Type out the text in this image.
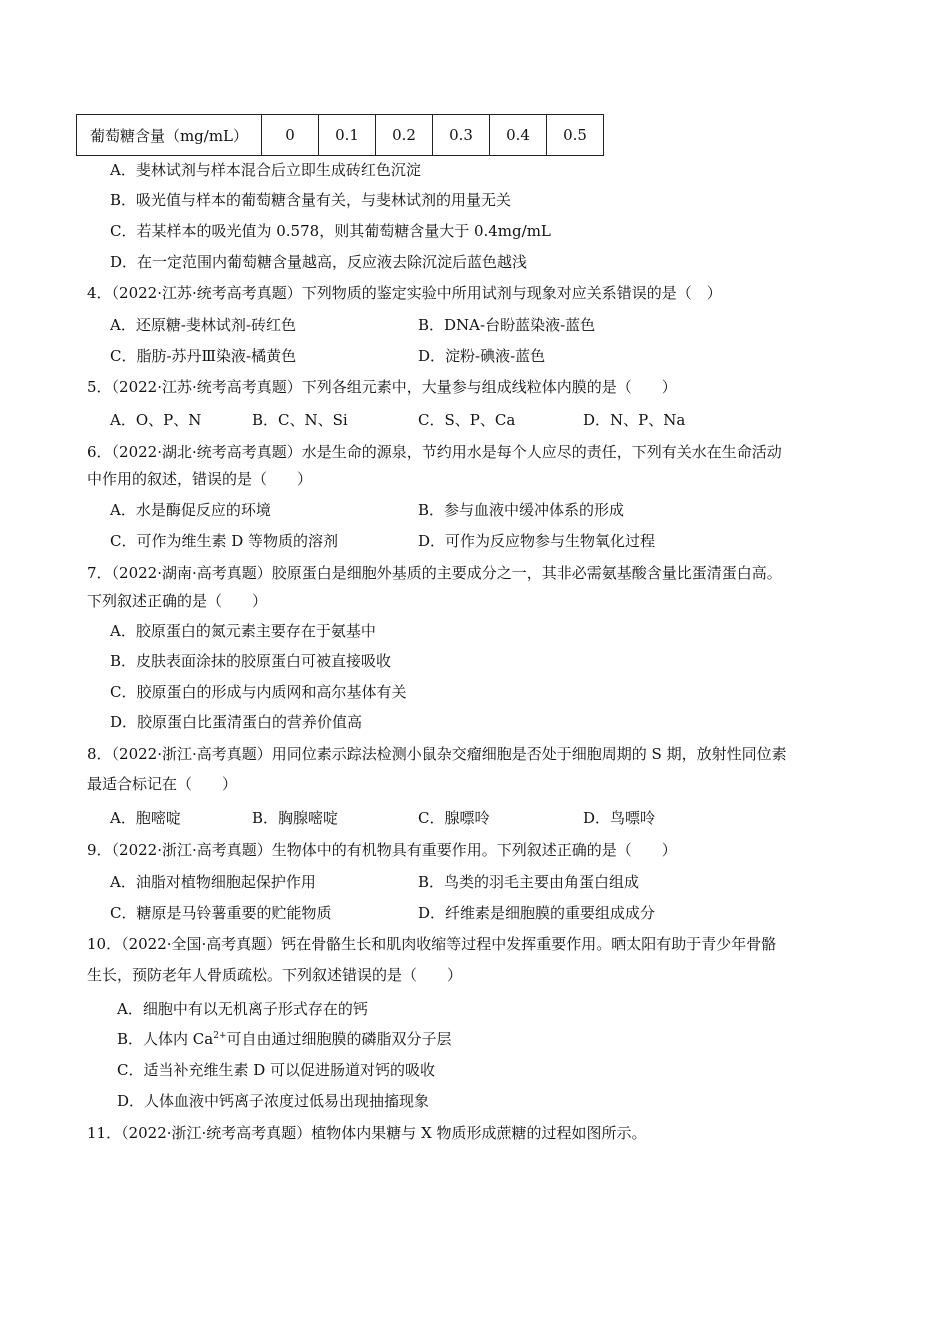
葡萄糖含量（mg/mL）	0	0.1	0.2	0.3	0.4	0.5
A．斐林试剂与样本混合后立即生成砖红色沉淀
B．吸光值与样本的葡萄糖含量有关，与斐林试剂的用量无关
C．若某样本的吸光值为 0.578，则其葡萄糖含量大于 0.4mg/mL
D．在一定范围内葡萄糖含量越高，反应液去除沉淀后蓝色越浅
4．（2022·江苏·统考高考真题）下列物质的鉴定实验中所用试剂与现象对应关系错误的是（　）
A．还原糖-斐林试剂-砖红色	B．DNA-台盼蓝染液-蓝色
C．脂肪-苏丹Ⅲ染液-橘黄色	D．淀粉-碘液-蓝色
5．（2022·江苏·统考高考真题）下列各组元素中，大量参与组成线粒体内膜的是（　　）
A．O、P、N	B．C、N、Si	C．S、P、Ca	D．N、P、Na
6．（2022·湖北·统考高考真题）水是生命的源泉，节约用水是每个人应尽的责任，下列有关水在生命活动
中作用的叙述，错误的是（　　）
A．水是酶促反应的环境	B．参与血液中缓冲体系的形成
C．可作为维生素 D 等物质的溶剂	D．可作为反应物参与生物氧化过程
7．（2022·湖南·高考真题）胶原蛋白是细胞外基质的主要成分之一，其非必需氨基酸含量比蛋清蛋白高。
下列叙述正确的是（　　）
A．胶原蛋白的氮元素主要存在于氨基中
B．皮肤表面涂抹的胶原蛋白可被直接吸收
C．胶原蛋白的形成与内质网和高尔基体有关
D．胶原蛋白比蛋清蛋白的营养价值高
8．（2022·浙江·高考真题）用同位素示踪法检测小鼠杂交瘤细胞是否处于细胞周期的 S 期，放射性同位素
最适合标记在（　　）
A．胞嘧啶	B．胸腺嘧啶	C．腺嘌呤	D．鸟嘌呤
9．（2022·浙江·高考真题）生物体中的有机物具有重要作用。下列叙述正确的是（　　）
A．油脂对植物细胞起保护作用	B．鸟类的羽毛主要由角蛋白组成
C．糖原是马铃薯重要的贮能物质	D．纤维素是细胞膜的重要组成成分
10．（2022·全国·高考真题）钙在骨骼生长和肌肉收缩等过程中发挥重要作用。晒太阳有助于青少年骨骼
生长，预防老年人骨质疏松。下列叙述错误的是（　　）
A．细胞中有以无机离子形式存在的钙
B．人体内 $Ca^{2+}$可自由通过细胞膜的磷脂双分子层
C．适当补充维生素 D 可以促进肠道对钙的吸收
D．人体血液中钙离子浓度过低易出现抽搐现象
11．（2022·浙江·统考高考真题）植物体内果糖与 X 物质形成蔗糖的过程如图所示。
